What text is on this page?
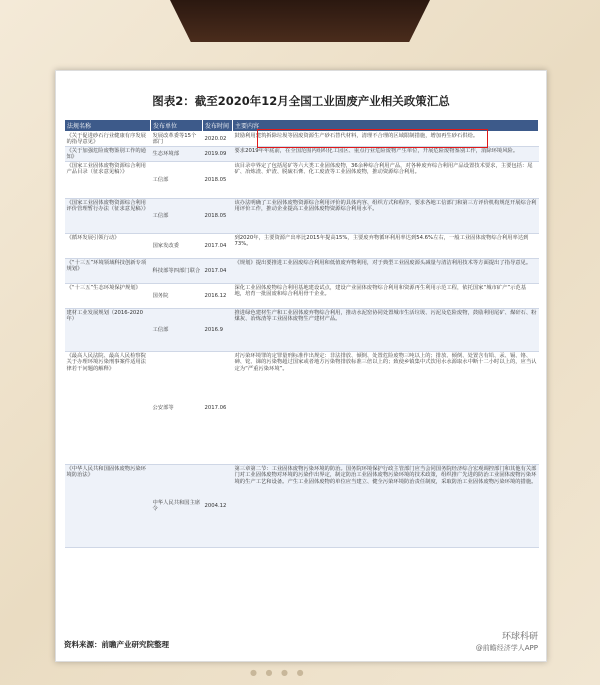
图表2：截至2020年12月全国工业固废产业相关政策汇总
法规名称	发布单位	发布时间	主要内容
《关于促进砂石行业健康有序发展的指导意见》	发展改革委等15个部门	2020.02	鼓励利用建筑拆除垃圾等固废资源生产砂石替代材料，清理不合理的区域限制措施，增加再生砂石供给。
《关于加强危险废物鉴别工作的通知》	生态环境部	2019.09	要求2019年年底前，在全国范围内组织化工园区、重点行业危险废物产生单位，开展危险废物鉴别工作，消除环境风险。
《国家工业固体废物资源综合利用产品目录（征求意见稿）》	工信部	2018.05	该目录中界定了包括尾矿等六大类工业固体废物，36余种综合利用产品，对各种废弃综合利用产品设置技术要求，主要包括：尾矿、冶炼渣、炉渣、脱硫石膏、化工废渣等工业固体废物，推动资源综合利用。
《国家工业固体废物资源综合利用评价管理暂行办法（征求意见稿）》	工信部	2018.05	该办法明确了工业固体废物资源综合利用评价的具体内容、组织方式和程序，要求各地工信部门和第三方评价机构规范开展综合利用评价工作，推动企业提高工业固体废物资源综合利用水平。
《循环发展引领行动》	国家发改委	2017.04	到2020年，主要资源产出率比2015年提高15%，主要废弃物循环利用率达到54.6%左右，一般工业固体废物综合利用率达到73%。
《“十三五”环境领域科技创新专项规划》	科技部等四部门联合	2017.04	《规划》提出要推进工业固废综合利用和低值废弃物利用，对于典型工业固废源头减量与清洁利用技术等方面提出了指导意见。
《“十三五”生态环境保护规划》	国务院	2016.12	深化工业固体废物综合利用基地建设试点，建设产业固体废物综合利用和资源再生利用示范工程，依托国家“城市矿产”示范基地，培育一批固废和综合利用骨干企业。
建材工业发展规划（2016-2020年）	工信部	2016.9	推进绿色建材生产和工业固体废弃物综合利用，推动水泥窑协同处置城市生活垃圾、污泥及危险废物，鼓励利用尾矿、煤矸石、粉煤灰、冶炼渣等工业固体废物生产建材产品。
《最高人民法院、最高人民检察院关于办理环境污染刑事案件适用法律若干问题的解释》	公安部等	2017.06	对污染环境罪的定罪量刑标准作出规定：非法排放、倾倒、处置危险废物三吨以上的；排放、倾倒、处置含有铅、汞、镉、铬、砷、铊、锑的污染物超过国家或者地方污染物排放标准三倍以上的；致使乡镇集中式饮用水水源取水中断十二小时以上的，应当认定为“严重污染环境”。
《中华人民共和国固体废物污染环境防治法》	中华人民共和国主席令	2004.12	第三章第二节：工业固体废物污染环境的防治。国务院环境保护行政主管部门应当会同国务院经济综合宏观调控部门和其他有关部门对工业固体废物对环境的污染作出界定，制定防治工业固体废物污染环境的技术政策，组织推广先进的防治工业固体废物污染环境的生产工艺和设备。产生工业固体废物的单位应当建立、健全污染环境防治责任制度，采取防治工业固体废物污染环境的措施。
资料来源：前瞻产业研究院整理
环球科研
@前瞻经济学人APP
● ● ● ●
